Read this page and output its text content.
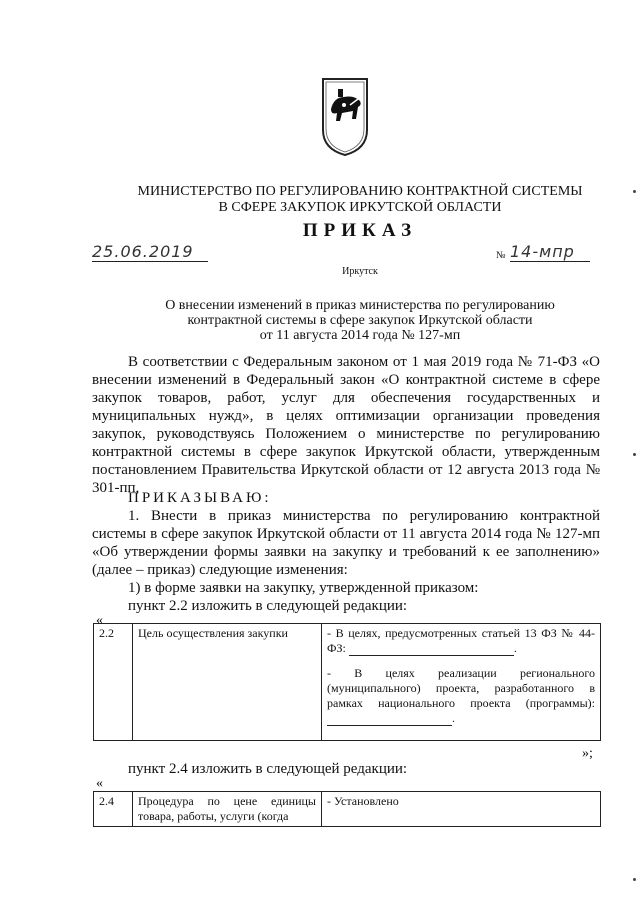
МИНИСТЕРСТВО ПО РЕГУЛИРОВАНИЮ КОНТРАКТНОЙ СИСТЕМЫ
В СФЕРЕ ЗАКУПОК ИРКУТСКОЙ ОБЛАСТИ
ПРИКАЗ
25.06.2019	№ 14-мпр
Иркутск
О внесении изменений в приказ министерства по регулированию
контрактной системы в сфере закупок Иркутской области
от 11 августа 2014 года № 127-мп
В соответствии с Федеральным законом от 1 мая 2019 года № 71-ФЗ «О внесении изменений в Федеральный закон «О контрактной системе в сфере закупок товаров, работ, услуг для обеспечения государственных и муниципальных нужд», в целях оптимизации организации проведения закупок, руководствуясь Положением о министерстве по регулированию контрактной системы в сфере закупок Иркутской области, утвержденным постановлением Правительства Иркутской области от 12 августа 2013 года № 301-пп,
ПРИКАЗЫВАЮ:
1. Внести в приказ министерства по регулированию контрактной системы в сфере закупок Иркутской области от 11 августа 2014 года № 127-мп «Об утверждении формы заявки на закупку и требований к ее заполнению» (далее – приказ) следующие изменения:
1) в форме заявки на закупку, утвержденной приказом:
пункт 2.2 изложить в следующей редакции:
«
2.2	Цель осуществления закупки	- В целях, предусмотренных статьей 13 ФЗ № 44-ФЗ:	.

- В целях реализации регионального (муниципального) проекта, разработанного в рамках национального проекта (программы): .

»;
пункт 2.4 изложить в следующей редакции:
«
2.4	Процедура по цене единицы товара, работы, услуги (когда	- Установлено
